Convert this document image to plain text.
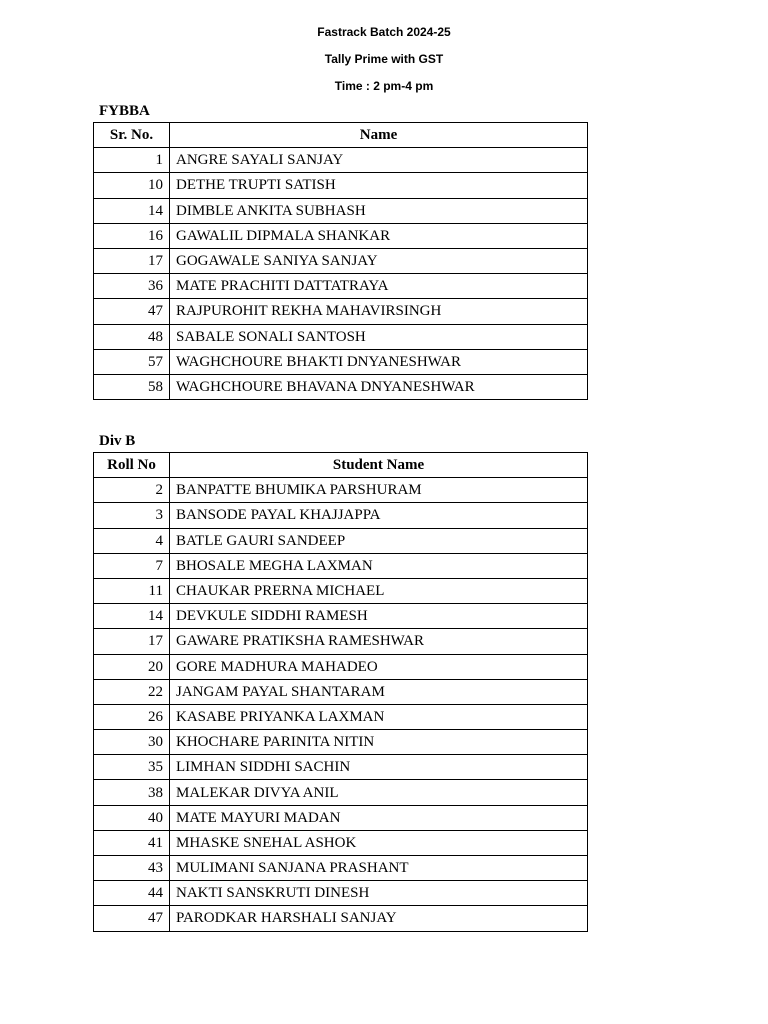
Fastrack Batch 2024-25
Tally Prime with GST
Time : 2 pm-4 pm
FYBBA
Sr. No.	Name
1	ANGRE SAYALI SANJAY
10	DETHE TRUPTI SATISH
14	DIMBLE ANKITA SUBHASH
16	GAWALIL DIPMALA SHANKAR
17	GOGAWALE SANIYA SANJAY
36	MATE PRACHITI DATTATRAYA
47	RAJPUROHIT REKHA MAHAVIRSINGH
48	SABALE SONALI SANTOSH
57	WAGHCHOURE BHAKTI DNYANESHWAR
58	WAGHCHOURE BHAVANA DNYANESHWAR
Div B
Roll No	Student Name
2	BANPATTE BHUMIKA PARSHURAM
3	BANSODE PAYAL KHAJJAPPA
4	BATLE GAURI SANDEEP
7	BHOSALE MEGHA LAXMAN
11	CHAUKAR PRERNA MICHAEL
14	DEVKULE SIDDHI RAMESH
17	GAWARE PRATIKSHA RAMESHWAR
20	GORE MADHURA MAHADEO
22	JANGAM PAYAL SHANTARAM
26	KASABE PRIYANKA LAXMAN
30	KHOCHARE PARINITA NITIN
35	LIMHAN SIDDHI SACHIN
38	MALEKAR DIVYA ANIL
40	MATE MAYURI MADAN
41	MHASKE SNEHAL ASHOK
43	MULIMANI SANJANA PRASHANT
44	NAKTI SANSKRUTI DINESH
47	PARODKAR HARSHALI SANJAY
